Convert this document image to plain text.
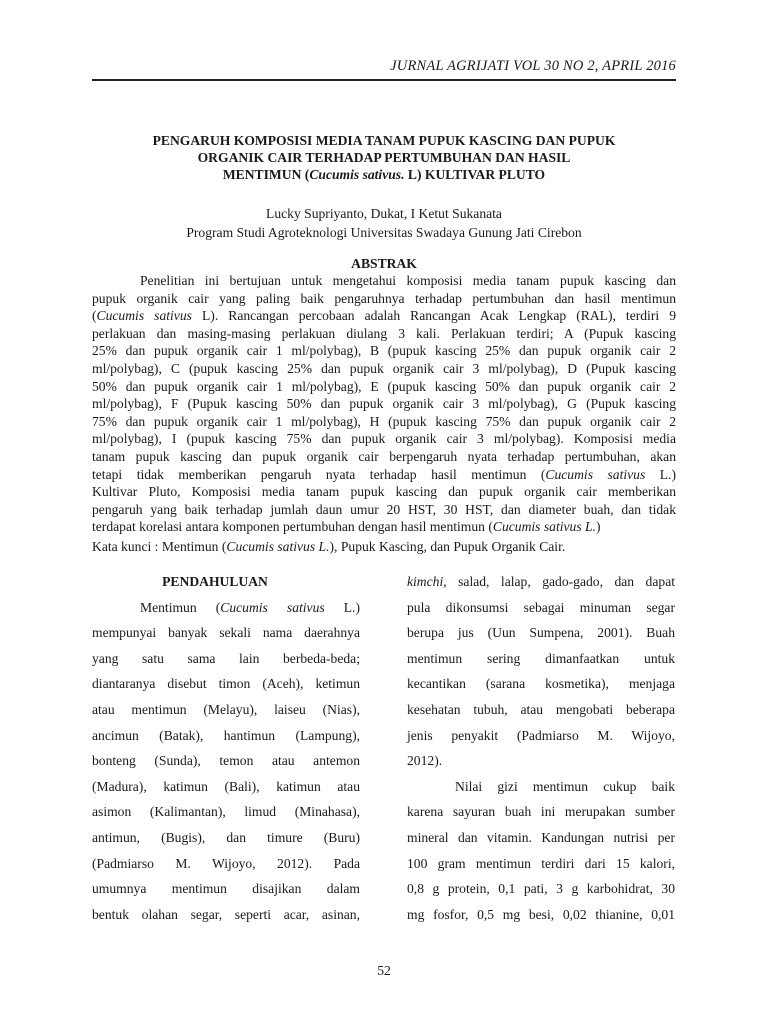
JURNAL AGRIJATI VOL 30 NO 2, APRIL 2016
PENGARUH KOMPOSISI MEDIA TANAM PUPUK KASCING DAN PUPUK
ORGANIK CAIR TERHADAP PERTUMBUHAN DAN HASIL
MENTIMUN (Cucumis sativus. L) KULTIVAR PLUTO
Lucky Supriyanto, Dukat, I Ketut Sukanata
Program Studi Agroteknologi Universitas Swadaya Gunung Jati Cirebon
ABSTRAK
Penelitian ini bertujuan untuk mengetahui komposisi media tanam pupuk kascing dan
pupuk organik cair yang paling baik pengaruhnya terhadap pertumbuhan dan hasil mentimun
(Cucumis sativus L). Rancangan percobaan adalah Rancangan Acak Lengkap (RAL), terdiri 9
perlakuan dan masing-masing perlakuan diulang 3 kali. Perlakuan terdiri; A (Pupuk kascing
25% dan pupuk organik cair 1 ml/polybag), B (pupuk kascing 25% dan pupuk organik cair 2
ml/polybag), C (pupuk kascing 25% dan pupuk organik cair 3 ml/polybag), D (Pupuk kascing
50% dan pupuk organik cair 1 ml/polybag), E (pupuk kascing 50% dan pupuk organik cair 2
ml/polybag), F (Pupuk kascing 50% dan pupuk organik cair 3 ml/polybag), G (Pupuk kascing
75% dan pupuk organik cair 1 ml/polybag), H (pupuk kascing 75% dan pupuk organik cair 2
ml/polybag), I (pupuk kascing 75% dan pupuk organik cair 3 ml/polybag). Komposisi media
tanam pupuk kascing dan pupuk organik cair berpengaruh nyata terhadap pertumbuhan, akan
tetapi tidak memberikan pengaruh nyata terhadap hasil mentimun (Cucumis sativus L.)
Kultivar Pluto, Komposisi media tanam pupuk kascing dan pupuk organik cair memberikan
pengaruh yang baik terhadap jumlah daun umur 20 HST, 30 HST, dan diameter buah, dan tidak
terdapat korelasi antara komponen pertumbuhan dengan hasil mentimun (Cucumis sativus L.)
Kata kunci : Mentimun (Cucumis sativus L.), Pupuk Kascing, dan Pupuk Organik Cair.
PENDAHULUAN
Mentimun (Cucumis sativus L.)
mempunyai banyak sekali nama daerahnya
yang satu sama lain berbeda-beda;
diantaranya disebut timon (Aceh), ketimun
atau mentimun (Melayu), laiseu (Nias),
ancimun (Batak), hantimun (Lampung),
bonteng (Sunda), temon atau antemon
(Madura), katimun (Bali), katimun atau
asimon (Kalimantan), limud (Minahasa),
antimun, (Bugis), dan timure (Buru)
(Padmiarso M. Wijoyo, 2012). Pada
umumnya mentimun disajikan dalam
bentuk olahan segar, seperti acar, asinan,
kimchi, salad, lalap, gado-gado, dan dapat
pula dikonsumsi sebagai minuman segar
berupa jus (Uun Sumpena, 2001). Buah
mentimun sering dimanfaatkan untuk
kecantikan (sarana kosmetika), menjaga
kesehatan tubuh, atau mengobati beberapa
jenis penyakit (Padmiarso M. Wijoyo,
2012).
Nilai gizi mentimun cukup baik
karena sayuran buah ini merupakan sumber
mineral dan vitamin. Kandungan nutrisi per
100 gram mentimun terdiri dari 15 kalori,
0,8 g protein, 0,1 pati, 3 g karbohidrat, 30
mg fosfor, 0,5 mg besi, 0,02 thianine, 0,01
52
